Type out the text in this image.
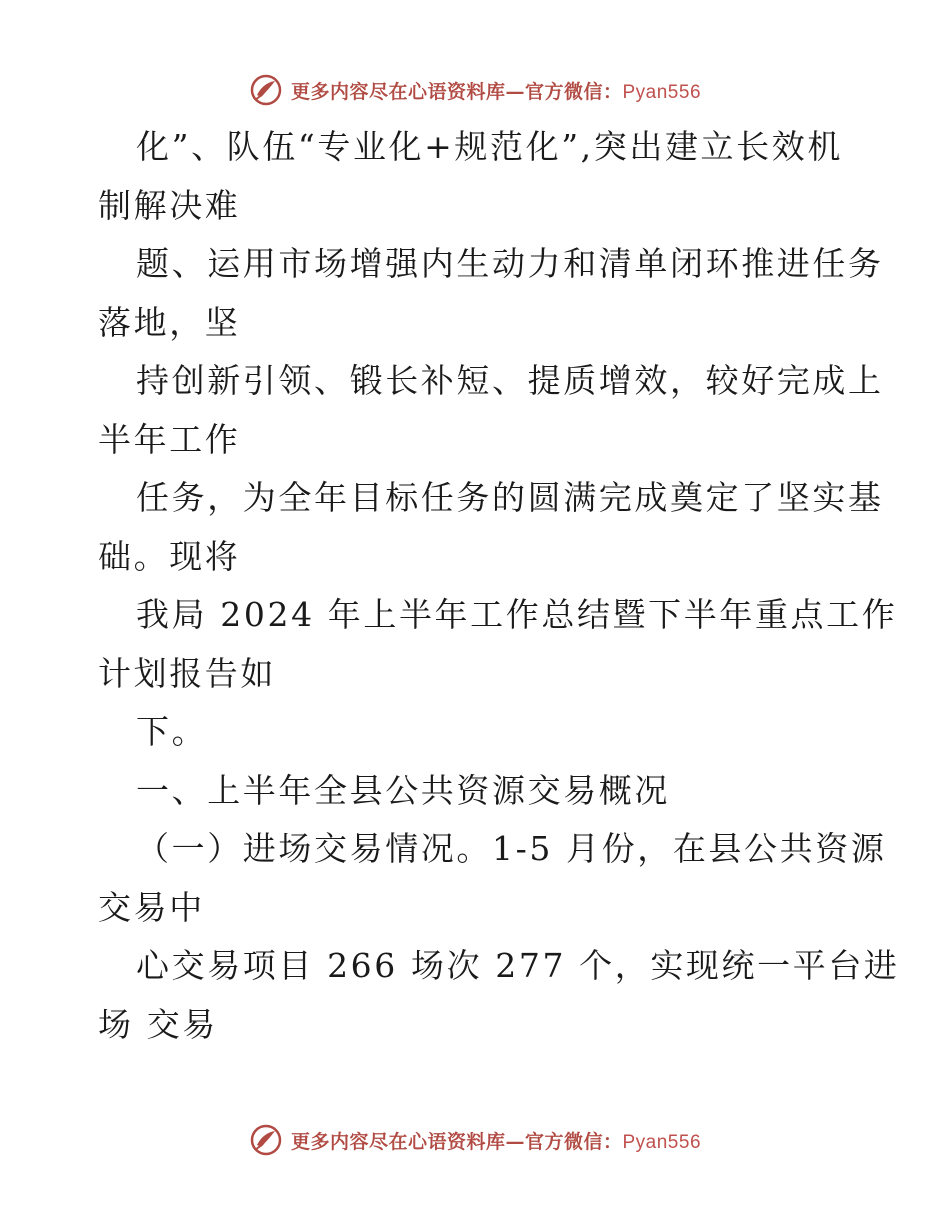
更多内容尽在心语资料库—官方微信：Pyan556
化”、队伍“专业化+规范化”,突出建立长效机
制解决难
题、运用市场增强内生动力和清单闭环推进任务
落地，坚
持创新引领、锻长补短、提质增效，较好完成上
半年工作
任务，为全年目标任务的圆满完成奠定了坚实基
础。现将
我局 2024 年上半年工作总结暨下半年重点工作
计划报告如
下。
一、上半年全县公共资源交易概况
（一）进场交易情况。1-5 月份，在县公共资源
交易中
心交易项目 266 场次 277 个，实现统一平台进
场 交易
更多内容尽在心语资料库—官方微信：Pyan556
